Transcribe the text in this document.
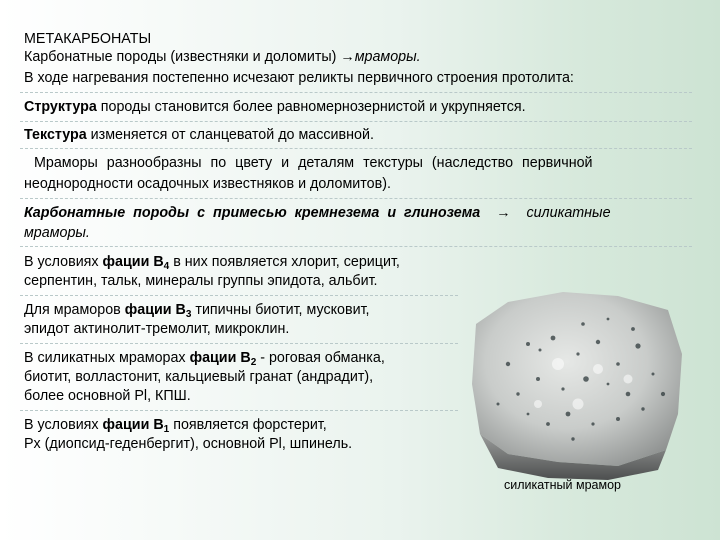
МЕТАКАРБОНАТЫ

Карбонатные породы (известняки и доломиты) →мраморы.

В ходе нагревания постепенно исчезают реликты первичного строения протолита:

Структура породы становится более равномернозернистой и укрупняется.

Текстура изменяется от сланцеватой до массивной.

Мраморы разнообразны по цвету и деталям текстуры (наследство первичной

неоднородности осадочных известняков и доломитов).

Карбонатные породы с примесью кремнезема и глинозема → силикатные

мраморы.

В условиях фации $В_4$ в них появляется хлорит, серицит,

серпентин, тальк, минералы группы эпидота, альбит.

Для мраморов фации $В_3$ типичны биотит, мусковит,

эпидот актинолит-тремолит, микроклин.

В силикатных мраморах фации $В_2$ - роговая обманка,

биотит, волластонит, кальциевый гранат (андрадит),

более основной Pl, КПШ.

В условиях фации $В_1$ появляется форстерит,

Px (диопсид-геденбергит), основной Pl, шпинель.

силикатный мрамор
